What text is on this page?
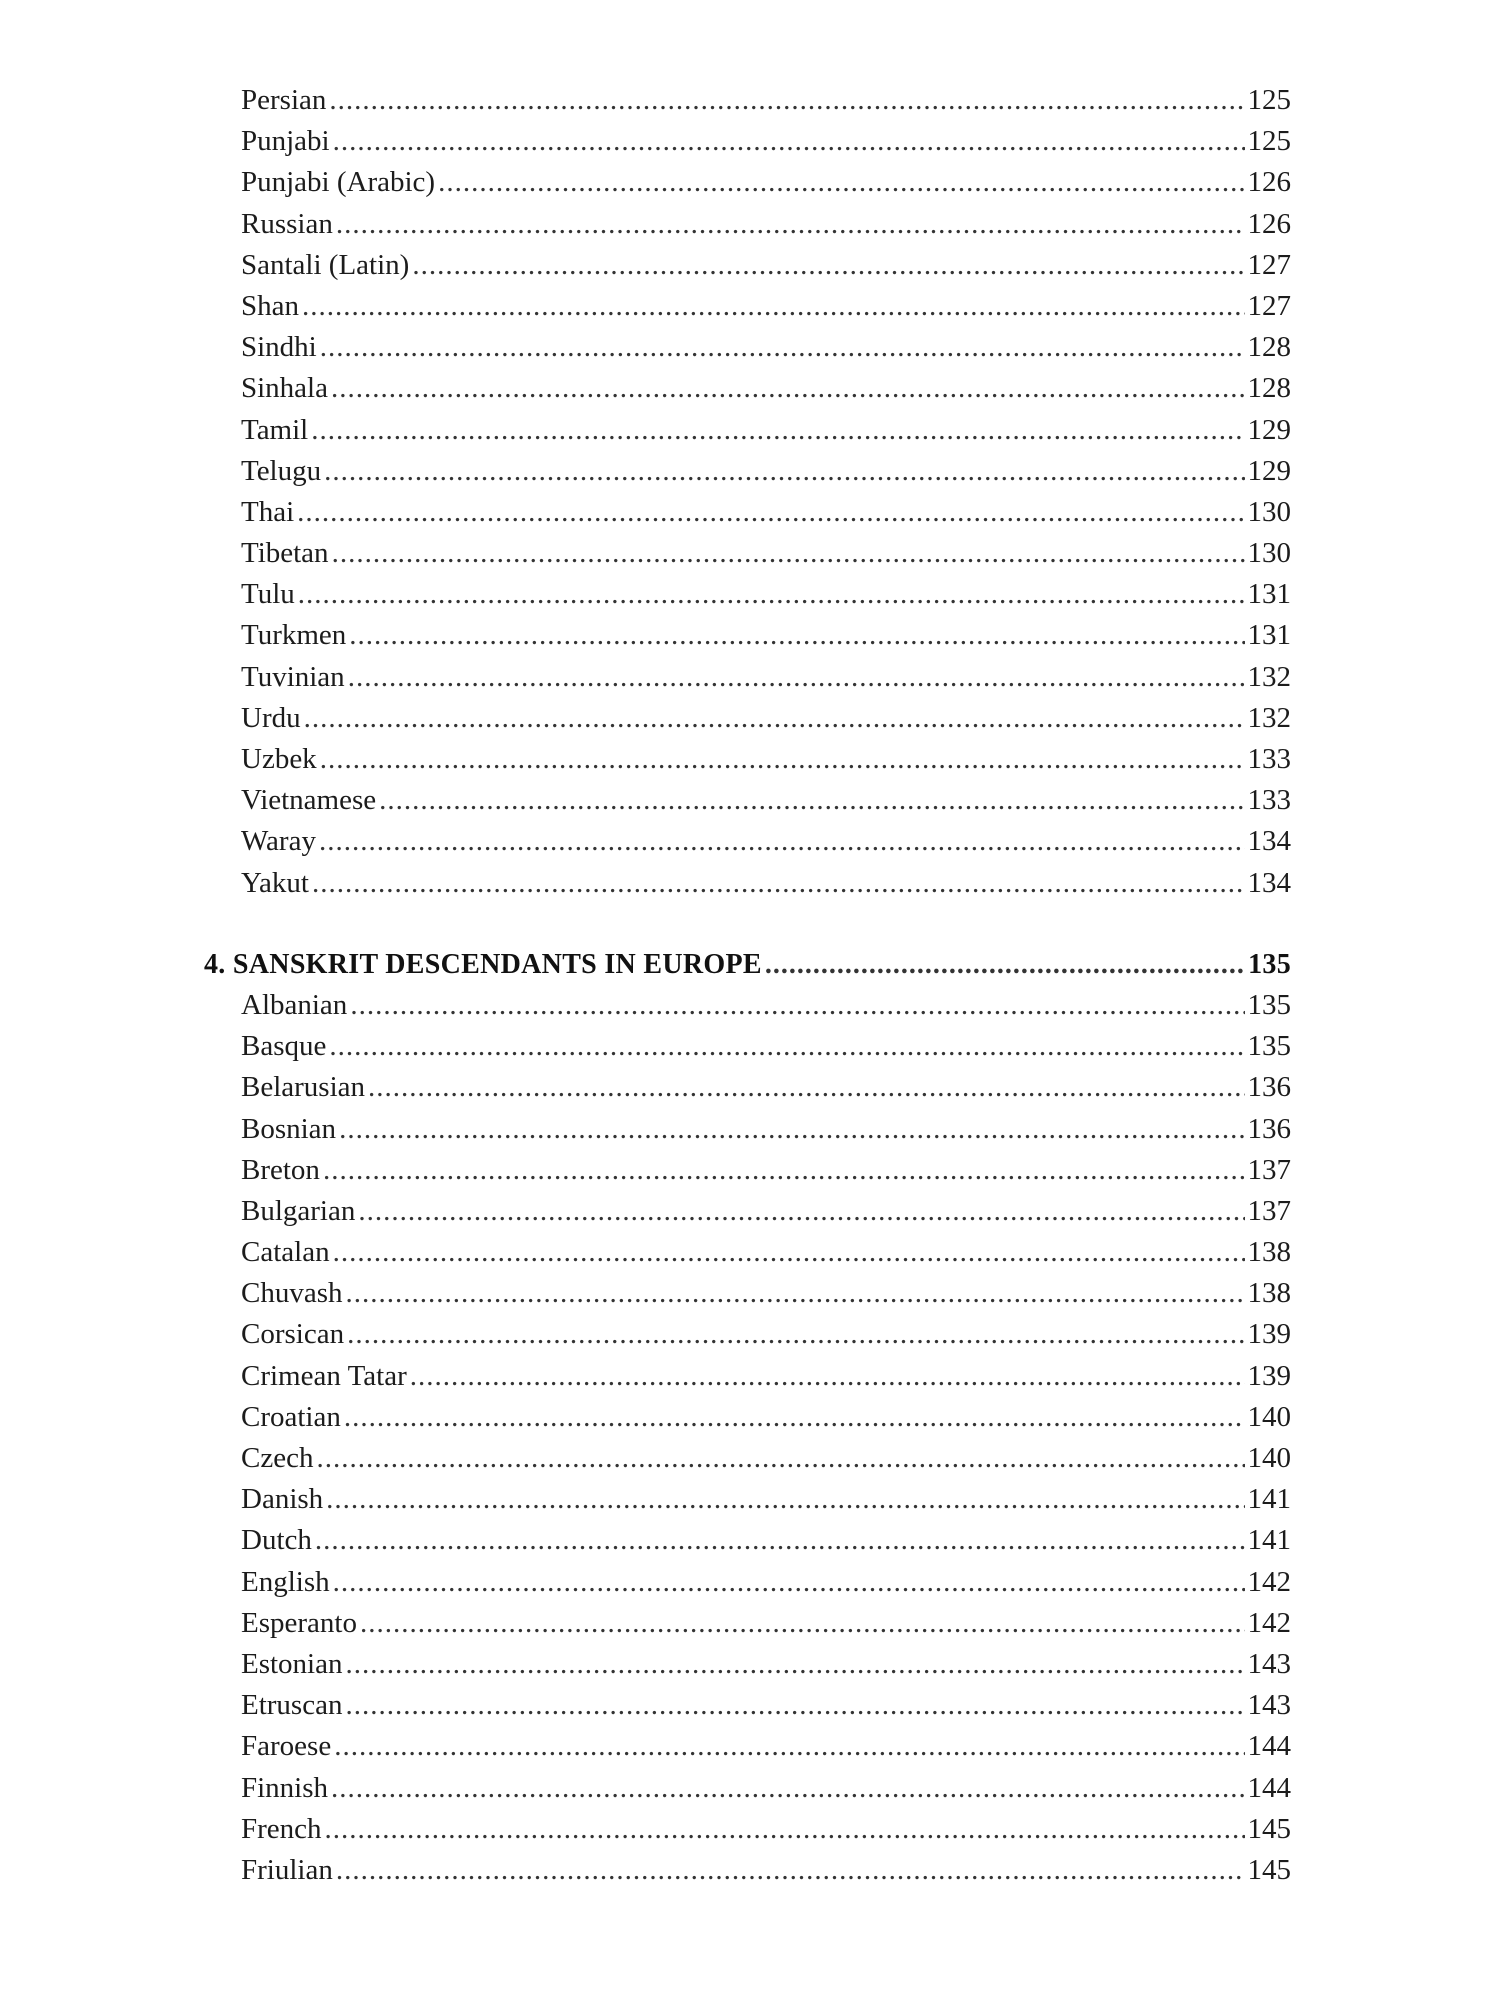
Persian .....	125
Punjabi .....	125
Punjabi (Arabic) .....	126
Russian .....	126
Santali (Latin) .....	127
Shan .....	127
Sindhi .....	128
Sinhala .....	128
Tamil .....	129
Telugu .....	129
Thai .....	130
Tibetan .....	130
Tulu .....	131
Turkmen .....	131
Tuvinian .....	132
Urdu .....	132
Uzbek .....	133
Vietnamese .....	133
Waray .....	134
Yakut .....	134
4. SANSKRIT DESCENDANTS IN EUROPE .....	135
Albanian .....	135
Basque .....	135
Belarusian .....	136
Bosnian .....	136
Breton .....	137
Bulgarian .....	137
Catalan .....	138
Chuvash .....	138
Corsican .....	139
Crimean Tatar .....	139
Croatian .....	140
Czech .....	140
Danish .....	141
Dutch .....	141
English .....	142
Esperanto .....	142
Estonian .....	143
Etruscan .....	143
Faroese .....	144
Finnish .....	144
French .....	145
Friulian .....	145
